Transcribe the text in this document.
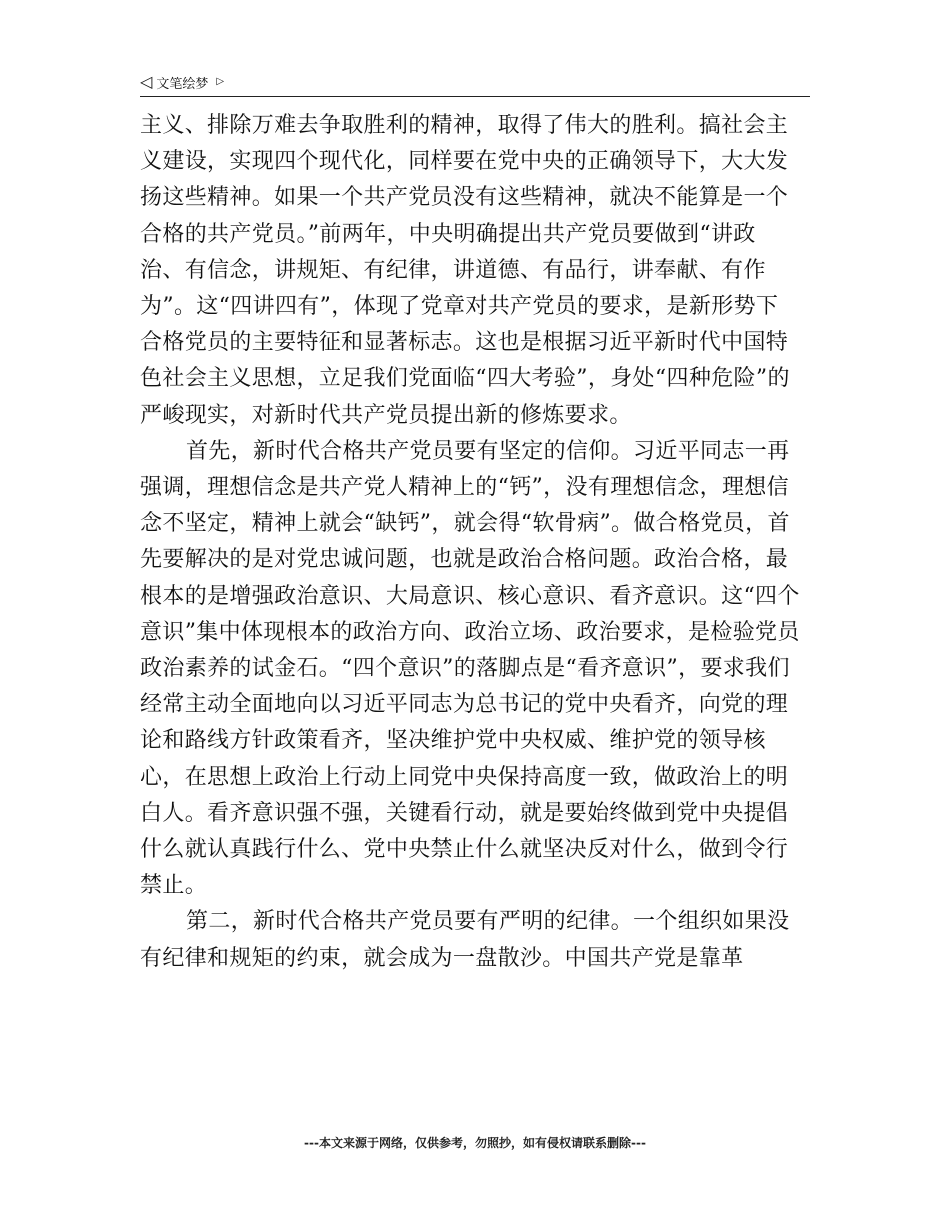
◁ 文笔绘梦 ▷

主义、排除万难去争取胜利的精神，取得了伟大的胜利。搞社会主义建设，实现四个现代化，同样要在党中央的正确领导下，大大发扬这些精神。如果一个共产党员没有这些精神，就决不能算是一个合格的共产党员。”前两年，中央明确提出共产党员要做到“讲政治、有信念，讲规矩、有纪律，讲道德、有品行，讲奉献、有作为”。这“四讲四有”，体现了党章对共产党员的要求，是新形势下合格党员的主要特征和显著标志。这也是根据习近平新时代中国特色社会主义思想，立足我们党面临“四大考验”，身处“四种危险”的严峻现实，对新时代共产党员提出新的修炼要求。

首先，新时代合格共产党员要有坚定的信仰。习近平同志一再强调，理想信念是共产党人精神上的“钙”，没有理想信念，理想信念不坚定，精神上就会“缺钙”，就会得“软骨病”。做合格党员，首先要解决的是对党忠诚问题，也就是政治合格问题。政治合格，最根本的是增强政治意识、大局意识、核心意识、看齐意识。这“四个意识”集中体现根本的政治方向、政治立场、政治要求，是检验党员政治素养的试金石。“四个意识”的落脚点是“看齐意识”，要求我们经常主动全面地向以习近平同志为总书记的党中央看齐，向党的理论和路线方针政策看齐，坚决维护党中央权威、维护党的领导核心，在思想上政治上行动上同党中央保持高度一致，做政治上的明白人。看齐意识强不强，关键看行动，就是要始终做到党中央提倡什么就认真践行什么、党中央禁止什么就坚决反对什么，做到令行禁止。

第二，新时代合格共产党员要有严明的纪律。一个组织如果没有纪律和规矩的约束，就会成为一盘散沙。中国共产党是靠革

---本文来源于网络，仅供参考，勿照抄，如有侵权请联系删除---
